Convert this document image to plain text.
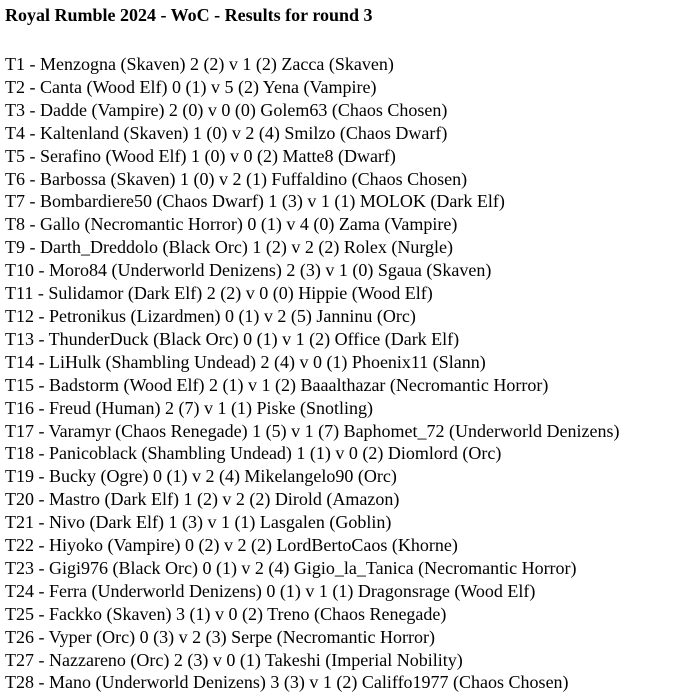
Royal Rumble 2024 - WoC - Results for round 3
T1 - Menzogna (Skaven) 2 (2) v 1 (2) Zacca (Skaven)
T2 - Canta (Wood Elf) 0 (1) v 5 (2) Yena (Vampire)
T3 - Dadde (Vampire) 2 (0) v 0 (0) Golem63 (Chaos Chosen)
T4 - Kaltenland (Skaven) 1 (0) v 2 (4) Smilzo (Chaos Dwarf)
T5 - Serafino (Wood Elf) 1 (0) v 0 (2) Matte8 (Dwarf)
T6 - Barbossa (Skaven) 1 (0) v 2 (1) Fuffaldino (Chaos Chosen)
T7 - Bombardiere50 (Chaos Dwarf) 1 (3) v 1 (1) MOLOK (Dark Elf)
T8 - Gallo (Necromantic Horror) 0 (1) v 4 (0) Zama (Vampire)
T9 - Darth_Dreddolo (Black Orc) 1 (2) v 2 (2) Rolex (Nurgle)
T10 - Moro84 (Underworld Denizens) 2 (3) v 1 (0) Sgaua (Skaven)
T11 - Sulidamor (Dark Elf) 2 (2) v 0 (0) Hippie (Wood Elf)
T12 - Petronikus (Lizardmen) 0 (1) v 2 (5) Janninu (Orc)
T13 - ThunderDuck (Black Orc) 0 (1) v 1 (2) Office (Dark Elf)
T14 - LiHulk (Shambling Undead) 2 (4) v 0 (1) Phoenix11 (Slann)
T15 - Badstorm (Wood Elf) 2 (1) v 1 (2) Baaalthazar (Necromantic Horror)
T16 - Freud (Human) 2 (7) v 1 (1) Piske (Snotling)
T17 - Varamyr (Chaos Renegade) 1 (5) v 1 (7) Baphomet_72 (Underworld Denizens)
T18 - Panicoblack (Shambling Undead) 1 (1) v 0 (2) Diomlord (Orc)
T19 - Bucky (Ogre) 0 (1) v 2 (4) Mikelangelo90 (Orc)
T20 - Mastro (Dark Elf) 1 (2) v 2 (2) Dirold (Amazon)
T21 - Nivo (Dark Elf) 1 (3) v 1 (1) Lasgalen (Goblin)
T22 - Hiyoko (Vampire) 0 (2) v 2 (2) LordBertoCaos (Khorne)
T23 - Gigi976 (Black Orc) 0 (1) v 2 (4) Gigio_la_Tanica (Necromantic Horror)
T24 - Ferra (Underworld Denizens) 0 (1) v 1 (1) Dragonsrage (Wood Elf)
T25 - Fackko (Skaven) 3 (1) v 0 (2) Treno (Chaos Renegade)
T26 - Vyper (Orc) 0 (3) v 2 (3) Serpe (Necromantic Horror)
T27 - Nazzareno (Orc) 2 (3) v 0 (1) Takeshi (Imperial Nobility)
T28 - Mano (Underworld Denizens) 3 (3) v 1 (2) Califfo1977 (Chaos Chosen)
